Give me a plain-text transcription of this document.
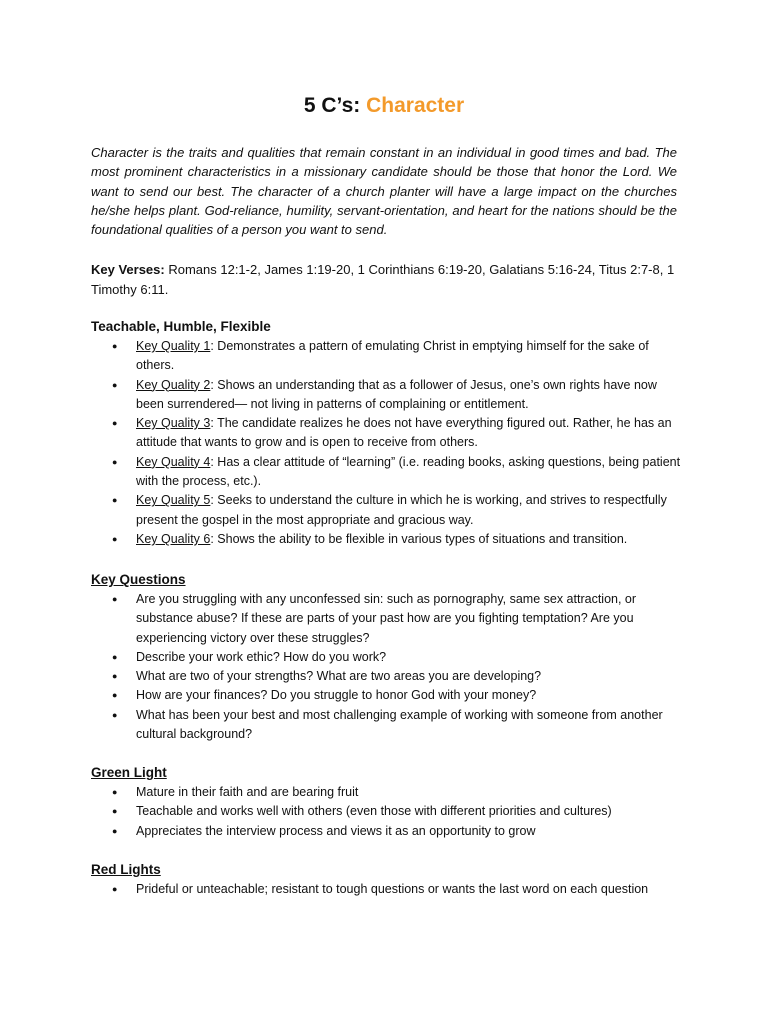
5 C’s: Character
Character is the traits and qualities that remain constant in an individual in good times and bad. The most prominent characteristics in a missionary candidate should be those that honor the Lord. We want to send our best. The character of a church planter will have a large impact on the churches he/she helps plant. God-reliance, humility, servant-orientation, and heart for the nations should be the foundational qualities of a person you want to send.
Key Verses: Romans 12:1-2, James 1:19-20, 1 Corinthians 6:19-20, Galatians 5:16-24, Titus 2:7-8, 1 Timothy 6:11.
Teachable, Humble, Flexible
● Key Quality 1: Demonstrates a pattern of emulating Christ in emptying himself for the sake of others.
● Key Quality 2: Shows an understanding that as a follower of Jesus, one’s own rights have now been surrendered— not living in patterns of complaining or entitlement.
● Key Quality 3: The candidate realizes he does not have everything figured out. Rather, he has an attitude that wants to grow and is open to receive from others.
● Key Quality 4: Has a clear attitude of “learning” (i.e. reading books, asking questions, being patient with the process, etc.).
● Key Quality 5: Seeks to understand the culture in which he is working, and strives to respectfully present the gospel in the most appropriate and gracious way.
● Key Quality 6: Shows the ability to be flexible in various types of situations and transition.
Key Questions
● Are you struggling with any unconfessed sin: such as pornography, same sex attraction, or substance abuse? If these are parts of your past how are you fighting temptation? Are you experiencing victory over these struggles?
● Describe your work ethic? How do you work?
● What are two of your strengths? What are two areas you are developing?
● How are your finances? Do you struggle to honor God with your money?
● What has been your best and most challenging example of working with someone from another cultural background?
Green Light
● Mature in their faith and are bearing fruit
● Teachable and works well with others (even those with different priorities and cultures)
● Appreciates the interview process and views it as an opportunity to grow
Red Lights
● Prideful or unteachable; resistant to tough questions or wants the last word on each question
